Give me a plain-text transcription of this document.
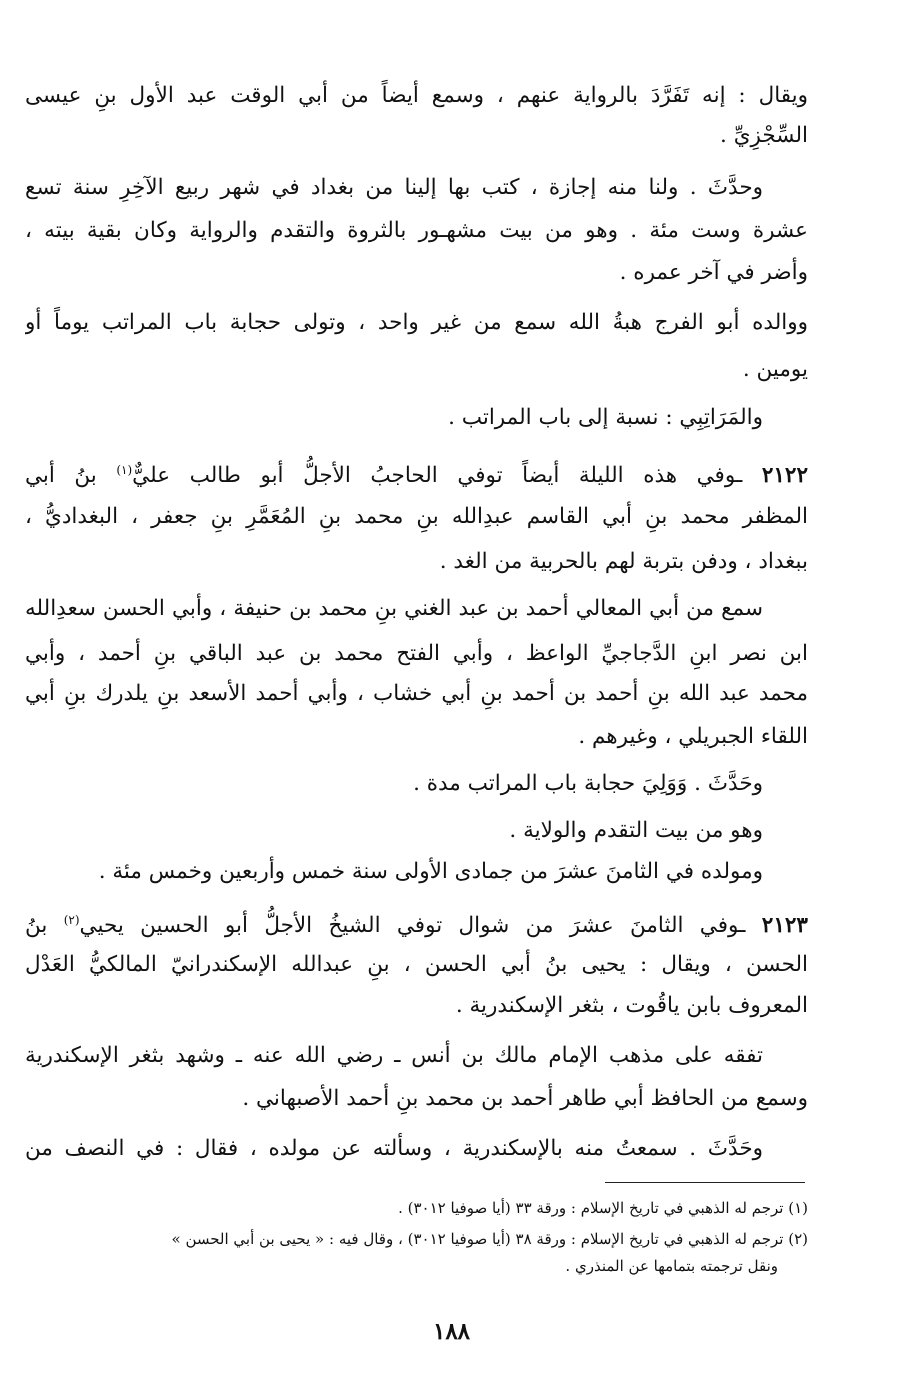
ويقال : إنه تَفَرَّدَ بالرواية عنهم ، وسمع أيضاً من أبي الوقت عبد الأول بنِ عيسى
السِّجْزِيِّ .
وحدَّثَ . ولنا منه إجازة ، كتب بها إلينا من بغداد في شهر ربيع الآخِرِ سنة تسع
عشرة وست مئة . وهو من بيت مشهـور بالثروة والتقدم والرواية وكان بقية بيته ،
وأضر في آخر عمره .
ووالده أبو الفرج هبةُ الله سمع من غير واحد ، وتولى حجابة باب المراتب يوماً أو
يومين .
والمَرَاتِبِي : نسبة إلى باب المراتب .
٢١٢٢ ـوفي هذه الليلة أيضاً توفي الحاجبُ الأجلُّ أبو طالب عليٌّ$^{(١)}$ بنُ أبي
المظفر محمد بنِ أبي القاسم عبدِالله بنِ محمد بنِ المُعَمَّرِ بنِ جعفر ، البغداديُّ ،
ببغداد ، ودفن بتربة لهم بالحربية من الغد .
سمع من أبي المعالي أحمد بن عبد الغني بنِ محمد بن حنيفة ، وأبي الحسن سعدِالله
ابن نصر ابنِ الدَّجاجيِّ الواعظ ، وأبي الفتح محمد بن عبد الباقي بنِ أحمد ، وأبي
محمد عبد الله بنِ أحمد بن أحمد بنِ أبي خشاب ، وأبي أحمد الأسعد بنِ يلدرك بنِ أبي
اللقاء الجبريلي ، وغيرهم .
وحَدَّثَ . وَوَلِيَ حجابة باب المراتب مدة .
وهو من بيت التقدم والولاية .
ومولده في الثامنَ عشرَ من جمادى الأولى سنة خمس وأربعين وخمس مئة .
٢١٢٣ ـوفي الثامنَ عشرَ من شوال توفي الشيخُ الأجلُّ أبو الحسين يحيي$^{(٢)}$ بنُ
الحسن ، ويقال : يحيى بنُ أبي الحسن ، بنِ عبدالله الإسكندرانيّ المالكيُّ العَدْل
المعروف بابن ياقُوت ، بثغر الإسكندرية .
تفقه على مذهب الإمام مالك بن أنس ـ رضي الله عنه ـ وشهد بثغر الإسكندرية
وسمع من الحافظ أبي طاهر أحمد بن محمد بنِ أحمد الأصبهاني .
وحَدَّثَ . سمعتُ منه بالإسكندرية ، وسألته عن مولده ، فقال : في النصف من
(١) ترجم له الذهبي في تاريخ الإسلام : ورقة ٣٣ (أيا صوفيا ٣٠١٢) .
(٢) ترجم له الذهبي في تاريخ الإسلام : ورقة ٣٨ (أيا صوفيا ٣٠١٢) ، وقال فيه : « يحيى بن أبي الحسن »
ونقل ترجمته بتمامها عن المنذري .
١٨٨
